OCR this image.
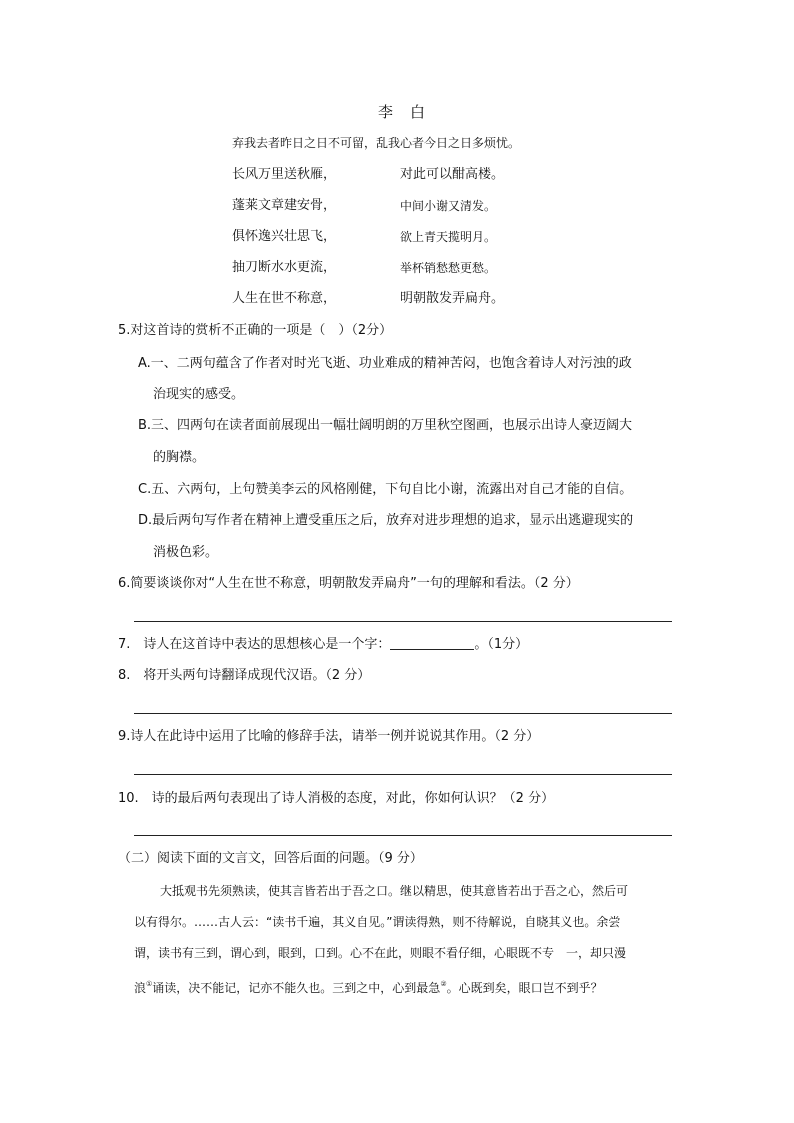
李　白
弃我去者昨日之日不可留，乱我心者今日之日多烦忧。
长风万里送秋雁，	对此可以酣高楼。
蓬莱文章建安骨，	中间小谢又清发。
俱怀逸兴壮思飞，	欲上青天揽明月。
抽刀断水水更流，	举杯销愁愁更愁。
人生在世不称意，	明朝散发弄扁舟。
5.对这首诗的赏析不正确的一项是（　）（2分）
A.一、二两句蕴含了作者对时光飞逝、功业难成的精神苦闷，也饱含着诗人对污浊的政
治现实的感受。
B.三、四两句在读者面前展现出一幅壮阔明朗的万里秋空图画，也展示出诗人豪迈阔大
的胸襟。
C.五、六两句，上句赞美李云的风格刚健，下句自比小谢，流露出对自己才能的自信。
D.最后两句写作者在精神上遭受重压之后，放弃对进步理想的追求，显示出逃避现实的
消极色彩。
6.简要谈谈你对“人生在世不称意，明朝散发弄扁舟”一句的理解和看法。（2 分）
7.　诗人在这首诗中表达的思想核心是一个字：	。（1分）
8.　将开头两句诗翻译成现代汉语。（2 分）
9.诗人在此诗中运用了比喻的修辞手法，请举一例并说说其作用。（2 分）
10.　诗的最后两句表现出了诗人消极的态度，对此，你如何认识？（2 分）
（二）阅读下面的文言文，回答后面的问题。（9 分）
大抵观书先须熟读，使其言皆若出于吾之口。继以精思，使其意皆若出于吾之心，然后可
以有得尔。……古人云：“读书千遍，其义自见。”谓读得熟，则不待解说，自晓其义也。余尝
谓，读书有三到，谓心到，眼到，口到。心不在此，则眼不看仔细，心眼既不专　一，却只漫
浪①诵读，决不能记，记亦不能久也。三到之中，心到最急②。心既到矣，眼口岂不到乎？
